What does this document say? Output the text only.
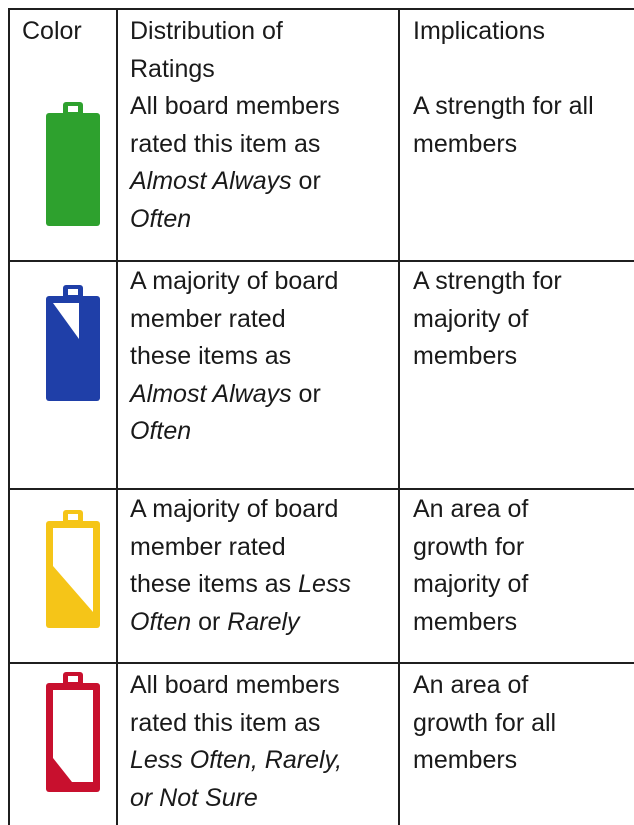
Color Distribution of
Ratings
Implications
All board members
rated this item as
Almost Always or
Often
A strength for all
members
A majority of board
member rated
these items as
Almost Always or
Often
A strength for
majority of
members
A majority of board
member rated
these items as Less
Often or Rarely
An area of
growth for
majority of
members
All board members
rated this item as
Less Often, Rarely,
or Not Sure
An area of
growth for all
members
